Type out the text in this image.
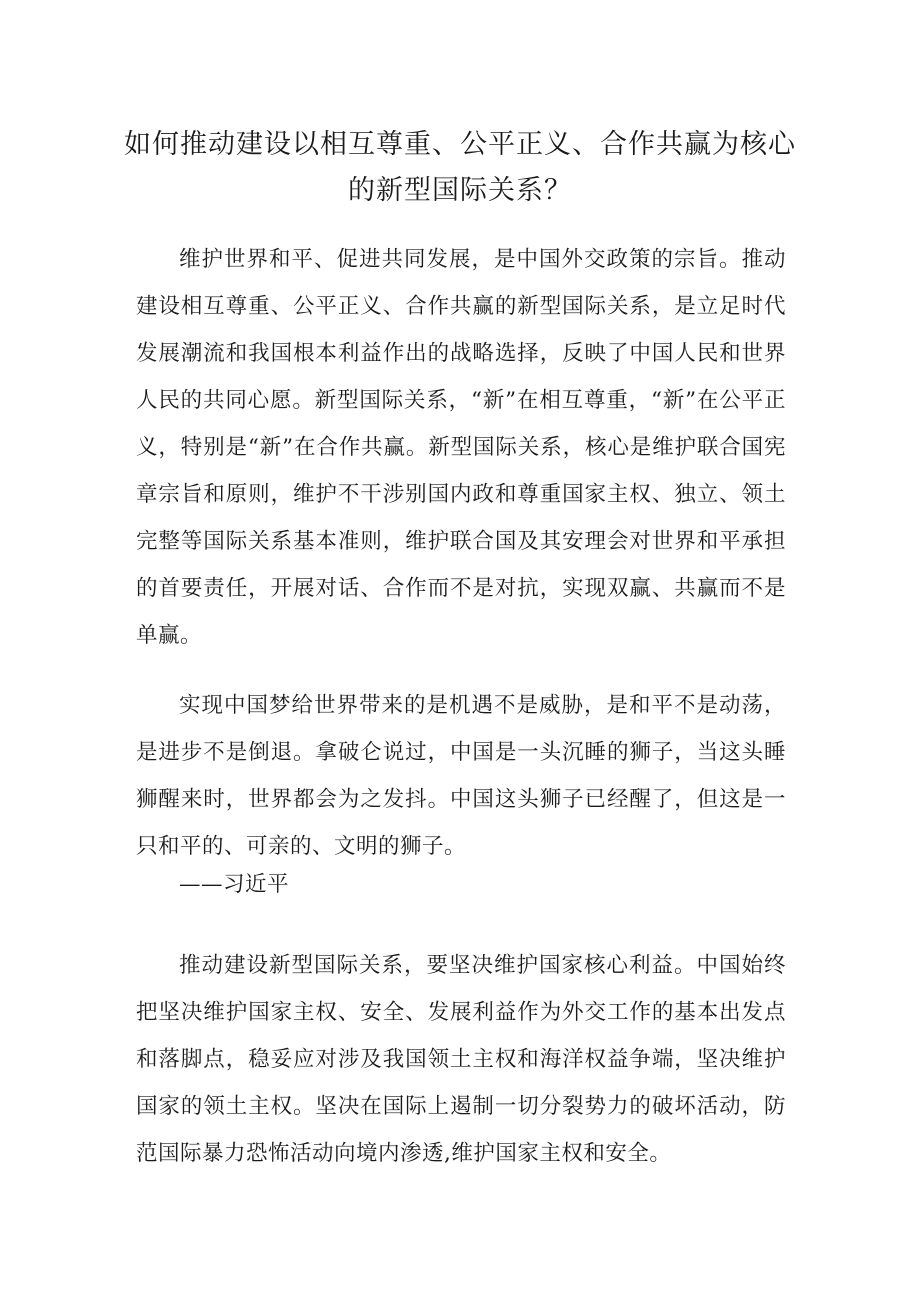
如何推动建设以相互尊重、公平正义、合作共赢为核心的新型国际关系？

维护世界和平、促进共同发展，是中国外交政策的宗旨。推动建设相互尊重、公平正义、合作共赢的新型国际关系，是立足时代发展潮流和我国根本利益作出的战略选择，反映了中国人民和世界人民的共同心愿。新型国际关系，“新”在相互尊重，“新”在公平正义，特别是“新”在合作共赢。新型国际关系，核心是维护联合国宪章宗旨和原则，维护不干涉别国内政和尊重国家主权、独立、领土完整等国际关系基本准则，维护联合国及其安理会对世界和平承担的首要责任，开展对话、合作而不是对抗，实现双赢、共赢而不是单赢。

实现中国梦给世界带来的是机遇不是威胁，是和平不是动荡，是进步不是倒退。拿破仑说过，中国是一头沉睡的狮子，当这头睡狮醒来时，世界都会为之发抖。中国这头狮子已经醒了，但这是一只和平的、可亲的、文明的狮子。

——习近平

推动建设新型国际关系，要坚决维护国家核心利益。中国始终把坚决维护国家主权、安全、发展利益作为外交工作的基本出发点和落脚点，稳妥应对涉及我国领土主权和海洋权益争端，坚决维护国家的领土主权。坚决在国际上遏制一切分裂势力的破坏活动，防范国际暴力恐怖活动向境内渗透,维护国家主权和安全。
